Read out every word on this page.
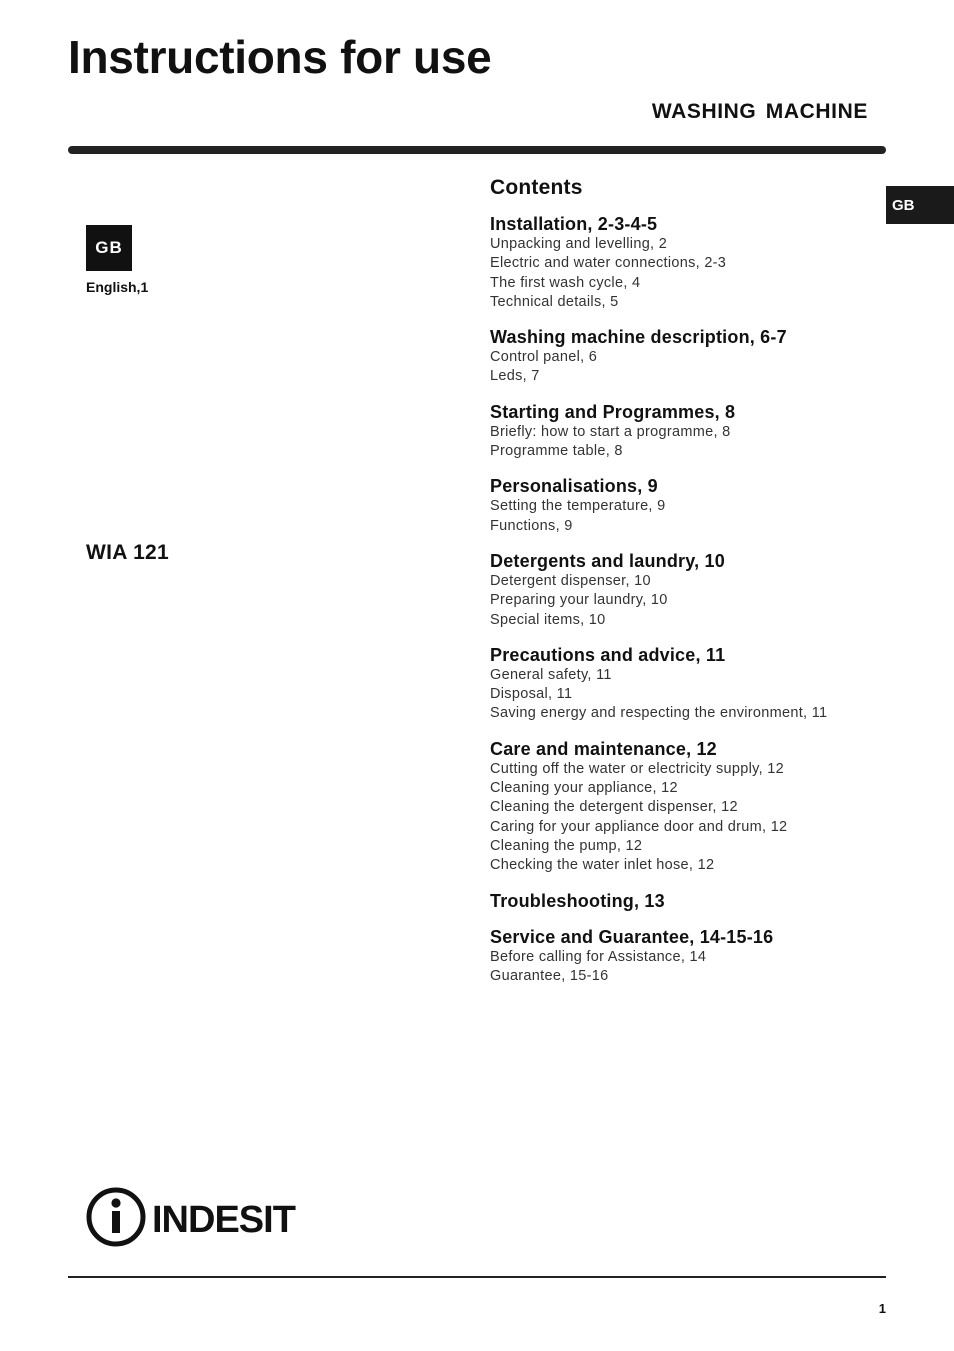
Instructions for use
WASHING MACHINE
GB
GB
English,1
WIA 121
Contents
Installation, 2-3-4-5
Unpacking and levelling, 2
Electric and water connections, 2-3
The first wash cycle, 4
Technical details, 5
Washing machine description, 6-7
Control panel, 6
Leds, 7
Starting and Programmes, 8
Briefly: how to start a programme, 8
Programme table, 8
Personalisations, 9
Setting the temperature, 9
Functions, 9
Detergents and laundry, 10
Detergent dispenser, 10
Preparing your laundry, 10
Special items, 10
Precautions and advice, 11
General safety, 11
Disposal, 11
Saving energy and respecting the environment, 11
Care and maintenance, 12
Cutting off the water or electricity supply, 12
Cleaning your appliance, 12
Cleaning the detergent dispenser, 12
Caring for your appliance door and drum, 12
Cleaning the pump, 12
Checking the water inlet hose, 12
Troubleshooting, 13
Service and Guarantee, 14-15-16
Before calling for Assistance, 14
Guarantee, 15-16
INDESIT
1
